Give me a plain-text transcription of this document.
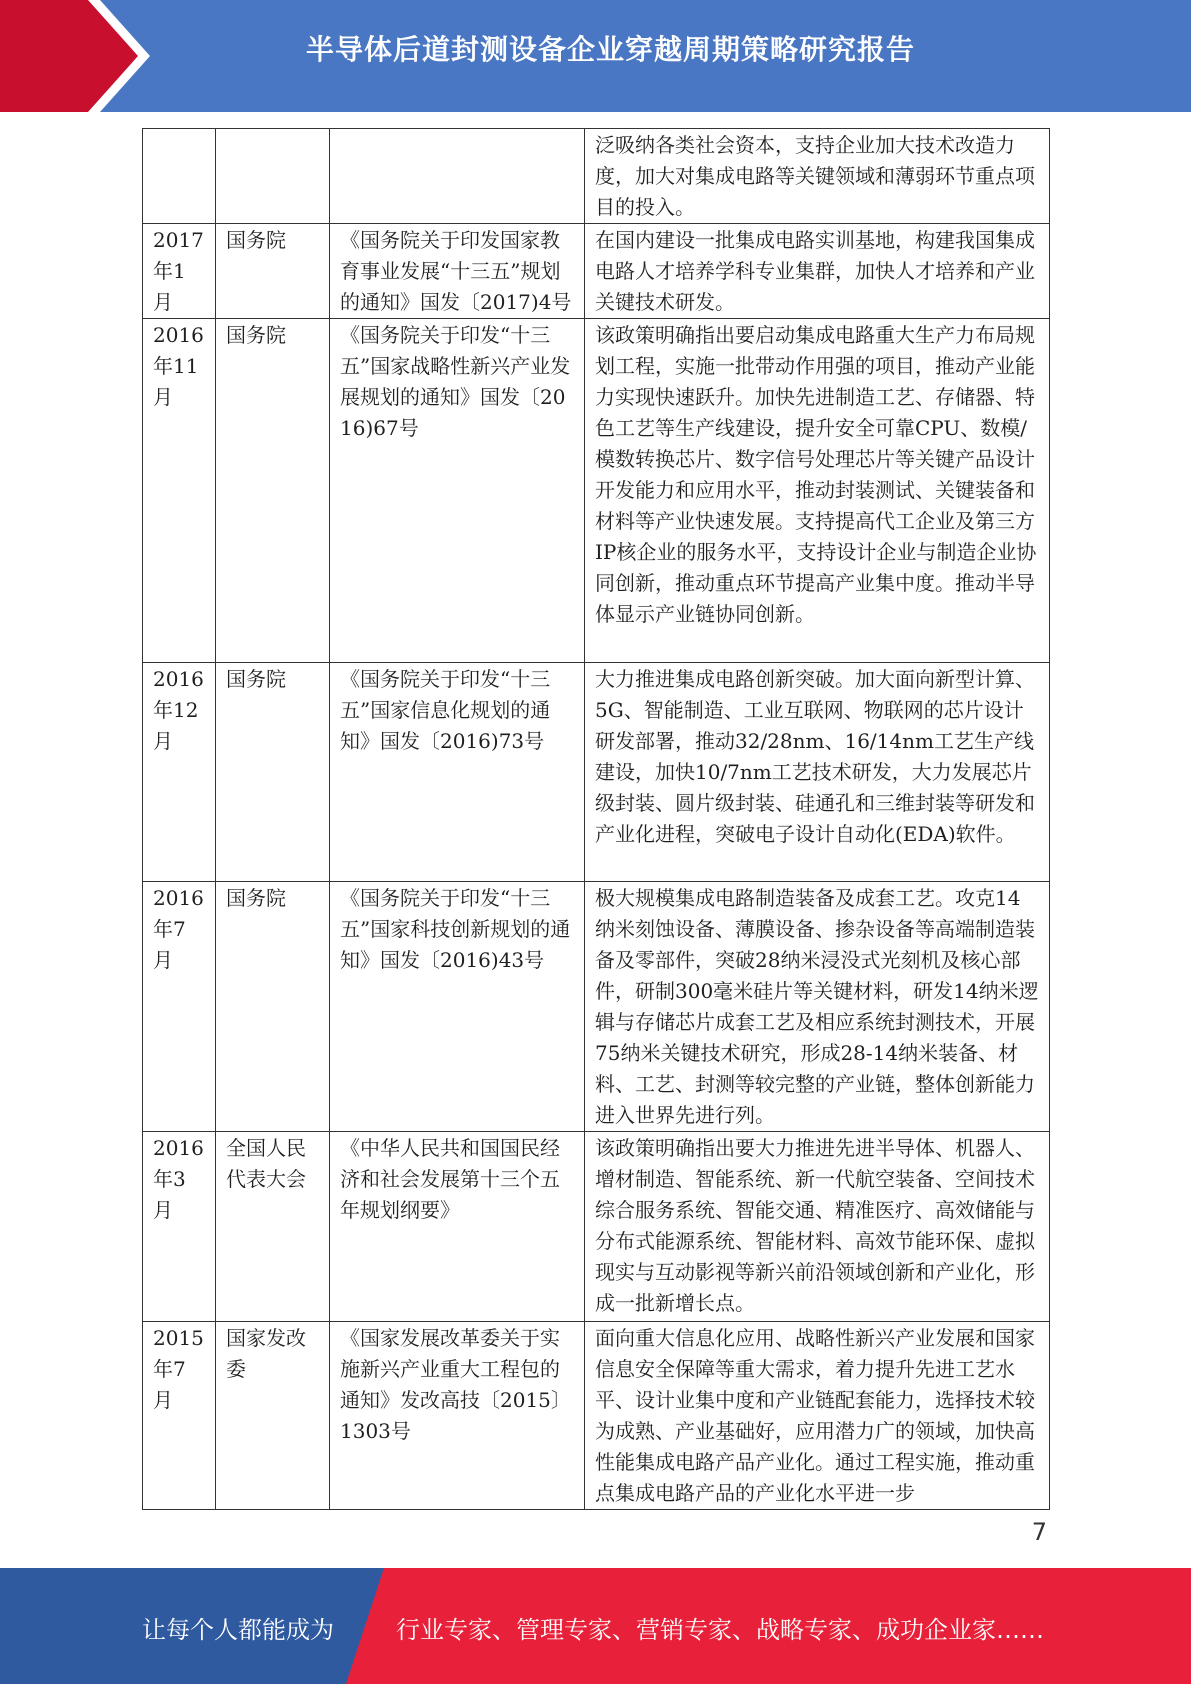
半导体后道封测设备企业穿越周期策略研究报告
			泛吸纳各类社会资本，支持企业加大技术改造力度，加大对集成电路等关键领域和薄弱环节重点项目的投入。
2017年1月	国务院	《国务院关于印发国家教育事业发展“十三五”规划的通知》国发〔2017)4号	在国内建设一批集成电路实训基地，构建我国集成电路人才培养学科专业集群，加快人才培养和产业关键技术研发。
2016年11月	国务院	《国务院关于印发“十三五”国家战略性新兴产业发展规划的通知》国发〔2016)67号	该政策明确指出要启动集成电路重大生产力布局规划工程，实施一批带动作用强的项目，推动产业能力实现快速跃升。加快先进制造工艺、存储器、特色工艺等生产线建设，提升安全可靠CPU、数模/模数转换芯片、数字信号处理芯片等关键产品设计开发能力和应用水平，推动封装测试、关键装备和材料等产业快速发展。支持提高代工企业及第三方IP核企业的服务水平，支持设计企业与制造企业协同创新，推动重点环节提高产业集中度。推动半导体显示产业链协同创新。
2016年12月	国务院	《国务院关于印发“十三五”国家信息化规划的通知》国发〔2016)73号	大力推进集成电路创新突破。加大面向新型计算、5G、智能制造、工业互联网、物联网的芯片设计研发部署，推动32/28nm、16/14nm工艺生产线建设，加快10/7nm工艺技术研发，大力发展芯片级封装、圆片级封装、硅通孔和三维封装等研发和产业化进程，突破电子设计自动化(EDA)软件。
2016年7月	国务院	《国务院关于印发“十三五”国家科技创新规划的通知》国发〔2016)43号	极大规模集成电路制造装备及成套工艺。攻克14纳米刻蚀设备、薄膜设备、掺杂设备等高端制造装备及零部件，突破28纳米浸没式光刻机及核心部件，研制300毫米硅片等关键材料，研发14纳米逻辑与存储芯片成套工艺及相应系统封测技术，开展75纳米关键技术研究，形成28-14纳米装备、材料、工艺、封测等较完整的产业链，整体创新能力进入世界先进行列。
2016年3月	全国人民代表大会	《中华人民共和国国民经济和社会发展第十三个五年规划纲要》	该政策明确指出要大力推进先进半导体、机器人、增材制造、智能系统、新一代航空装备、空间技术综合服务系统、智能交通、精准医疗、高效储能与分布式能源系统、智能材料、高效节能环保、虚拟现实与互动影视等新兴前沿领域创新和产业化，形成一批新增长点。
2015年7月	国家发改委	《国家发展改革委关于实施新兴产业重大工程包的通知》发改高技〔2015〕1303号	面向重大信息化应用、战略性新兴产业发展和国家信息安全保障等重大需求，着力提升先进工艺水平、设计业集中度和产业链配套能力，选择技术较为成熟、产业基础好，应用潜力广的领域，加快高性能集成电路产品产业化。通过工程实施，推动重点集成电路产品的产业化水平进一步
7
让每个人都能成为	行业专家、管理专家、营销专家、战略专家、成功企业家……
